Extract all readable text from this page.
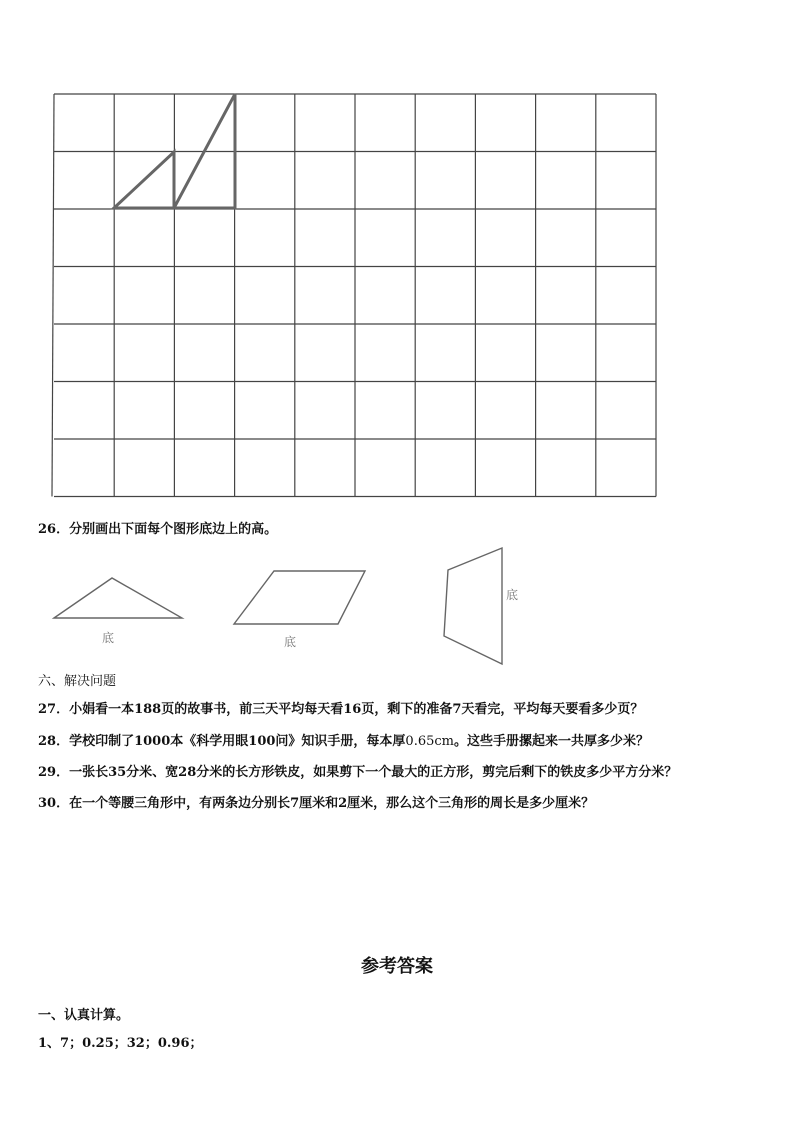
26．分别画出下面每个图形底边上的高。
底	底
底
六、解决问题
27．小娟看一本188页的故事书，前三天平均每天看16页，剩下的准备7天看完，平均每天要看多少页？
28．学校印制了1000本《科学用眼100问》知识手册，每本厚0.65cm。这些手册摞起来一共厚多少米？
29．一张长35分米、宽28分米的长方形铁皮，如果剪下一个最大的正方形，剪完后剩下的铁皮多少平方分米？
30．在一个等腰三角形中，有两条边分别长7厘米和2厘米，那么这个三角形的周长是多少厘米？
参考答案
一、认真计算。
1、7；0.25；32；0.96；
